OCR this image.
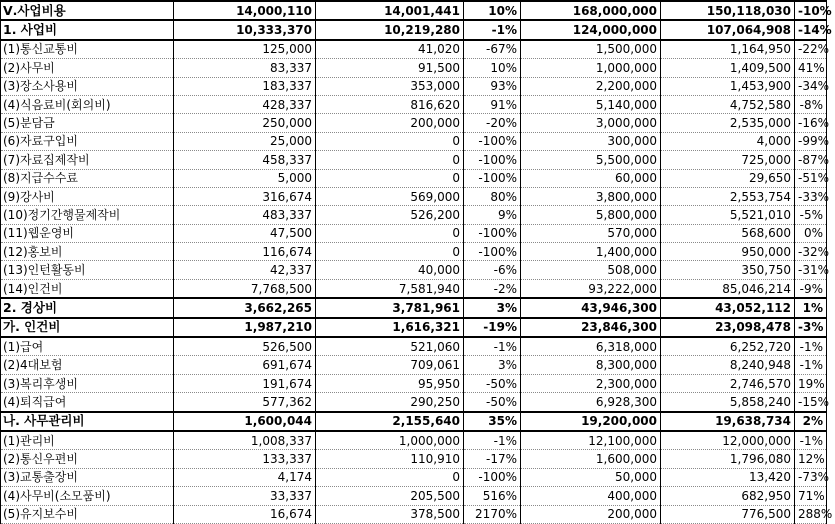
Ⅴ.사업비용	14,000,110	14,001,441	10%	168,000,000	150,118,030	-10%
1. 사업비	10,333,370	10,219,280	-1%	124,000,000	107,064,908	-14%
(1)통신교통비	125,000	41,020	-67%	1,500,000	1,164,950	-22%
(2)사무비	83,337	91,500	10%	1,000,000	1,409,500	41%
(3)장소사용비	183,337	353,000	93%	2,200,000	1,453,900	-34%
(4)식음료비(회의비)	428,337	816,620	91%	5,140,000	4,752,580	-8%
(5)분담금	250,000	200,000	-20%	3,000,000	2,535,000	-16%
(6)자료구입비	25,000	0	-100%	300,000	4,000	-99%
(7)자료집제작비	458,337	0	-100%	5,500,000	725,000	-87%
(8)지급수수료	5,000	0	-100%	60,000	29,650	-51%
(9)강사비	316,674	569,000	80%	3,800,000	2,553,754	-33%
(10)정기간행물제작비	483,337	526,200	9%	5,800,000	5,521,010	-5%
(11)웹운영비	47,500	0	-100%	570,000	568,600	0%
(12)홍보비	116,674	0	-100%	1,400,000	950,000	-32%
(13)인턴활동비	42,337	40,000	-6%	508,000	350,750	-31%
(14)인건비	7,768,500	7,581,940	-2%	93,222,000	85,046,214	-9%
2. 경상비	3,662,265	3,781,961	3%	43,946,300	43,052,112	1%
가. 인건비	1,987,210	1,616,321	-19%	23,846,300	23,098,478	-3%
(1)급여	526,500	521,060	-1%	6,318,000	6,252,720	-1%
(2)4대보험	691,674	709,061	3%	8,300,000	8,240,948	-1%
(3)복리후생비	191,674	95,950	-50%	2,300,000	2,746,570	19%
(4)퇴직급여	577,362	290,250	-50%	6,928,300	5,858,240	-15%
나. 사무관리비	1,600,044	2,155,640	35%	19,200,000	19,638,734	2%
(1)관리비	1,008,337	1,000,000	-1%	12,100,000	12,000,000	-1%
(2)통신우편비	133,337	110,910	-17%	1,600,000	1,796,080	12%
(3)교통출장비	4,174	0	-100%	50,000	13,420	-73%
(4)사무비(소모품비)	33,337	205,500	516%	400,000	682,950	71%
(5)유지보수비	16,674	378,500	2170%	200,000	776,500	288%
